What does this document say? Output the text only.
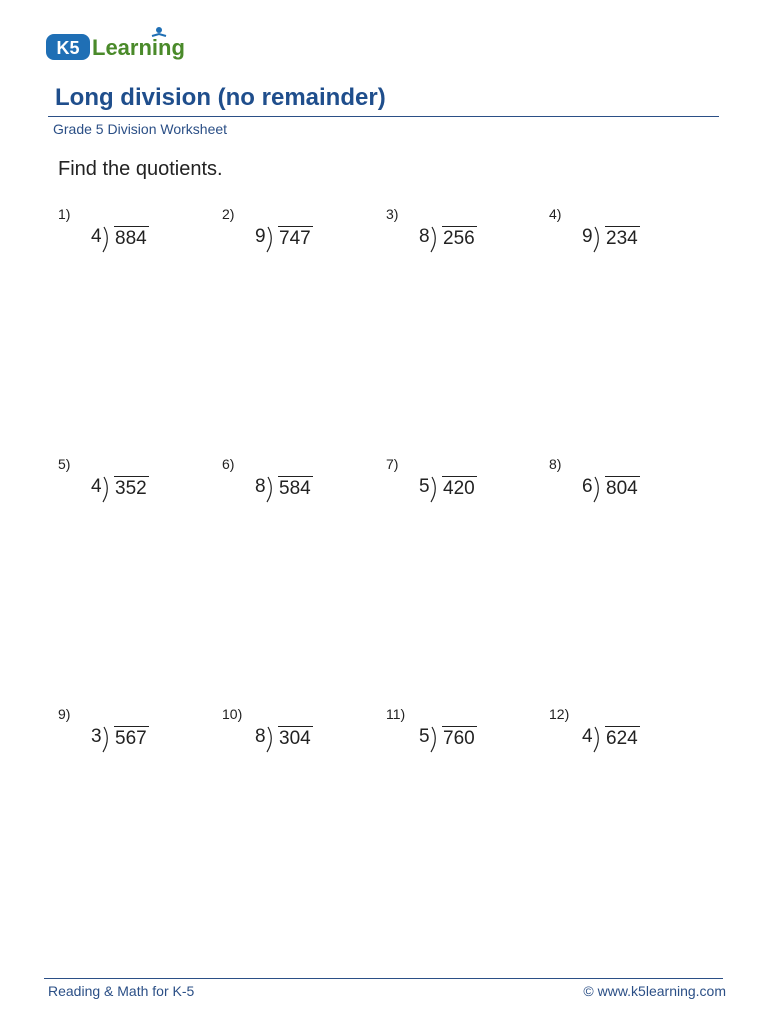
K5 Learning
Long division (no remainder)
Grade 5 Division Worksheet
Find the quotients.
1)
4 884
2)
9 747
3)
8 256
4)
9 234
5)
4 352
6)
8 584
7)
5 420
8)
6 804
9)
3 567
10)
8 304
11)
5 760
12)
4 624
Reading & Math for K-5	© www.k5learning.com
